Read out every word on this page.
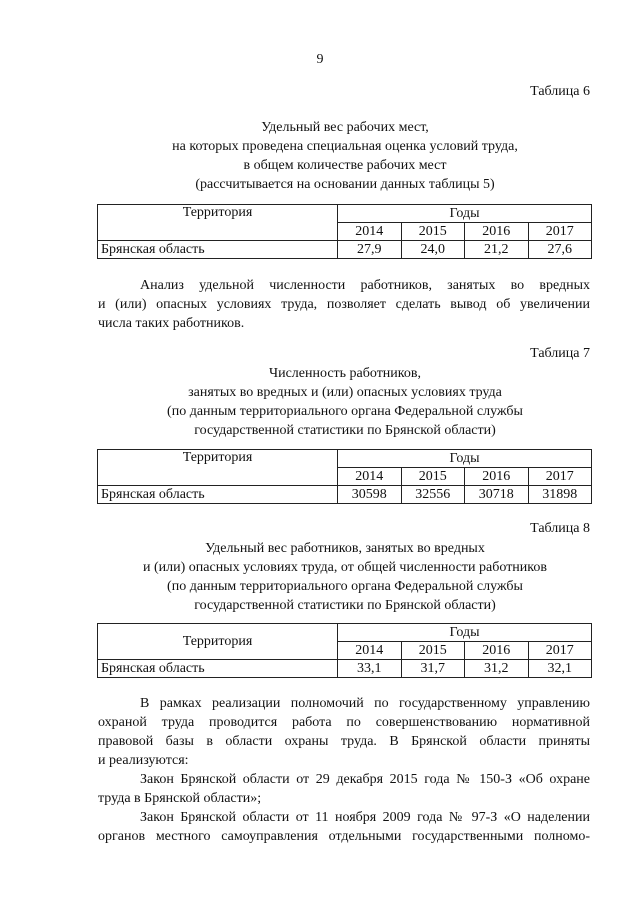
9
Таблица 6
Удельный вес рабочих мест,
на которых проведена специальная оценка условий труда,
в общем количестве рабочих мест
(рассчитывается на основании данных таблицы 5)
Территория	Годы			
	2014	2015	2016	2017
Брянская область	27,9	24,0	21,2	27,6
Анализ удельной численности работников, занятых во вредных
и (или) опасных условиях труда, позволяет сделать вывод об увеличении
числа таких работников.
Таблица 7
Численность работников,
занятых во вредных и (или) опасных условиях труда
(по данным территориального органа Федеральной службы
государственной статистики по Брянской области)
Территория	Годы			
	2014	2015	2016	2017
Брянская область	30598	32556	30718	31898
Таблица 8
Удельный вес работников, занятых во вредных
и (или) опасных условиях труда, от общей численности работников
(по данным территориального органа Федеральной службы
государственной статистики по Брянской области)
Территория	Годы			
	2014	2015	2016	2017
Брянская область	33,1	31,7	31,2	32,1
В рамках реализации полномочий по государственному управлению
охраной труда проводится работа по совершенствованию нормативной
правовой базы в области охраны труда. В Брянской области приняты
и реализуются:
Закон Брянской области от 29 декабря 2015 года № 150-З «Об охране
труда в Брянской области»;
Закон Брянской области от 11 ноября 2009 года № 97-З «О наделении
органов местного самоуправления отдельными государственными полномо-
